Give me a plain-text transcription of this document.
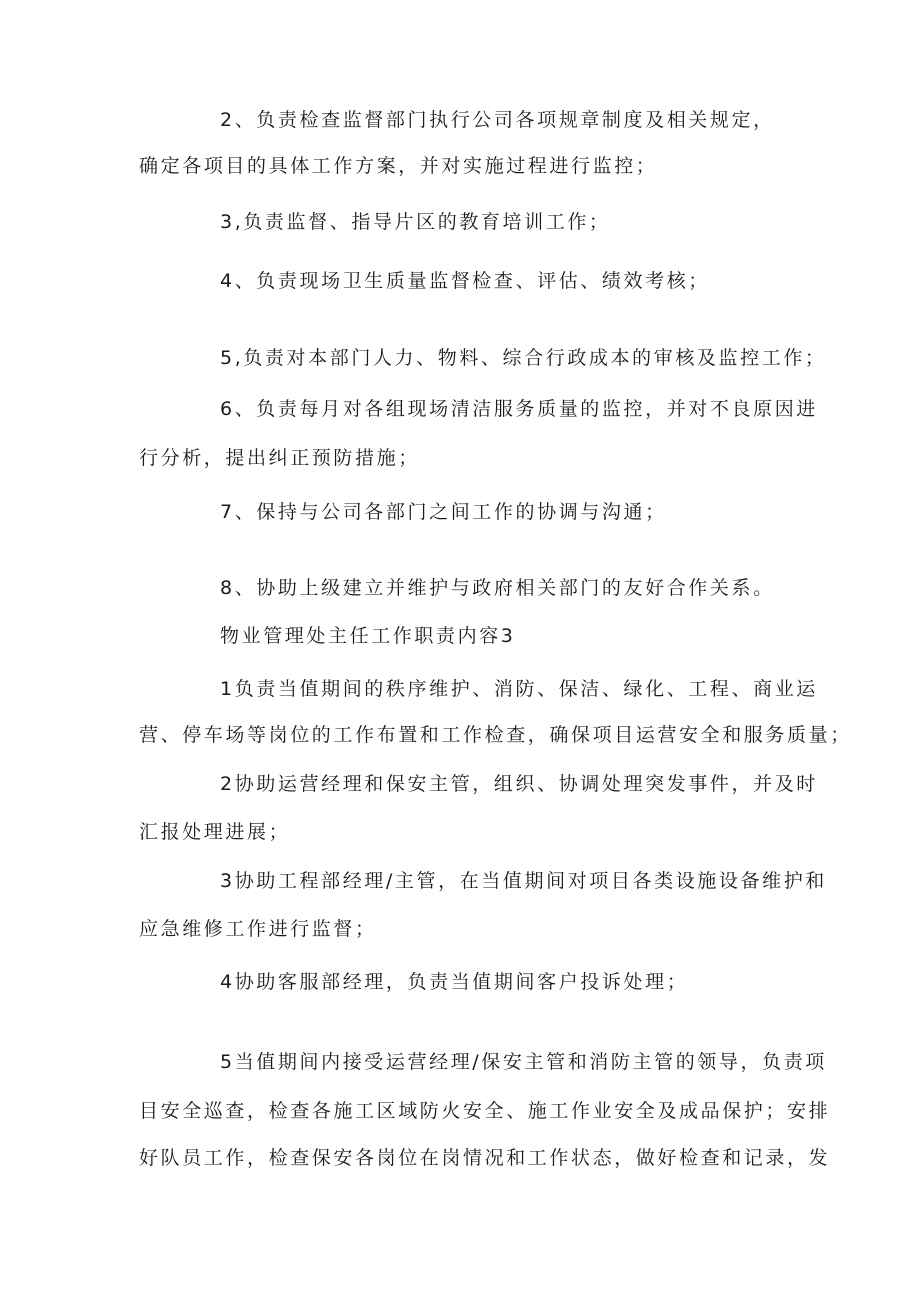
2、负责检查监督部门执行公司各项规章制度及相关规定，
确定各项目的具体工作方案，并对实施过程进行监控；
3,负责监督、指导片区的教育培训工作；
4、负责现场卫生质量监督检查、评估、绩效考核；
5,负责对本部门人力、物料、综合行政成本的审核及监控工作；
6、负责每月对各组现场清洁服务质量的监控，并对不良原因进
行分析，提出纠正预防措施；
7、保持与公司各部门之间工作的协调与沟通；
8、协助上级建立并维护与政府相关部门的友好合作关系。
物业管理处主任工作职责内容3
1负责当值期间的秩序维护、消防、保洁、绿化、工程、商业运
营、停车场等岗位的工作布置和工作检查，确保项目运营安全和服务质量；
2协助运营经理和保安主管，组织、协调处理突发事件，并及时
汇报处理进展；
3协助工程部经理/主管，在当值期间对项目各类设施设备维护和
应急维修工作进行监督；
4协助客服部经理，负责当值期间客户投诉处理；
5当值期间内接受运营经理/保安主管和消防主管的领导，负责项
目安全巡查，检查各施工区域防火安全、施工作业安全及成品保护；安排
好队员工作，检查保安各岗位在岗情况和工作状态，做好检查和记录，发
